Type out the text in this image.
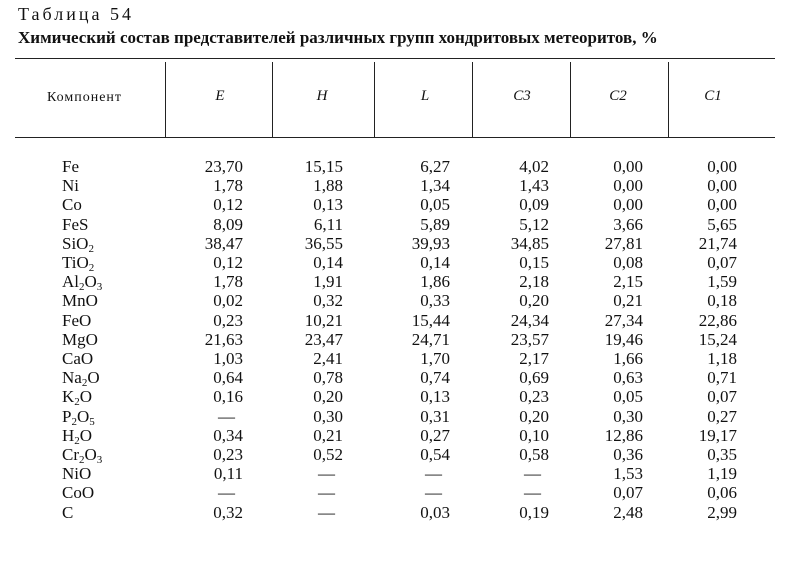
Таблица 54
Химический состав представителей различных групп хондритовых метеоритов, %
Компонент	E	H	L	C3	C2	C1
Fe	23,70	15,15	6,27	4,02	0,00	0,00
Ni	1,78	1,88	1,34	1,43	0,00	0,00
Co	0,12	0,13	0,05	0,09	0,00	0,00
FeS	8,09	6,11	5,89	5,12	3,66	5,65
SiO$_2$	38,47	36,55	39,93	34,85	27,81	21,74
TiO$_2$	0,12	0,14	0,14	0,15	0,08	0,07
$Al_2O_3$	1,78	1,91	1,86	2,18	2,15	1,59
MnO	0,02	0,32	0,33	0,20	0,21	0,18
FeO	0,23	10,21	15,44	24,34	27,34	22,86
MgO	21,63	23,47	24,71	23,57	19,46	15,24
CaO	1,03	2,41	1,70	2,17	1,66	1,18
$Na_2O$	0,64	0,78	0,74	0,69	0,63	0,71
$K_2O$	0,16	0,20	0,13	0,23	0,05	0,07
$P_2O_5$	—	0,30	0,31	0,20	0,30	0,27
$H_2O$	0,34	0,21	0,27	0,10	12,86	19,17
$Cr_2O_3$	0,23	0,52	0,54	0,58	0,36	0,35
NiO	0,11	—	—	—	1,53	1,19
CoO	—	—	—	—	0,07	0,06
C	0,32	—	0,03	0,19	2,48	2,99
